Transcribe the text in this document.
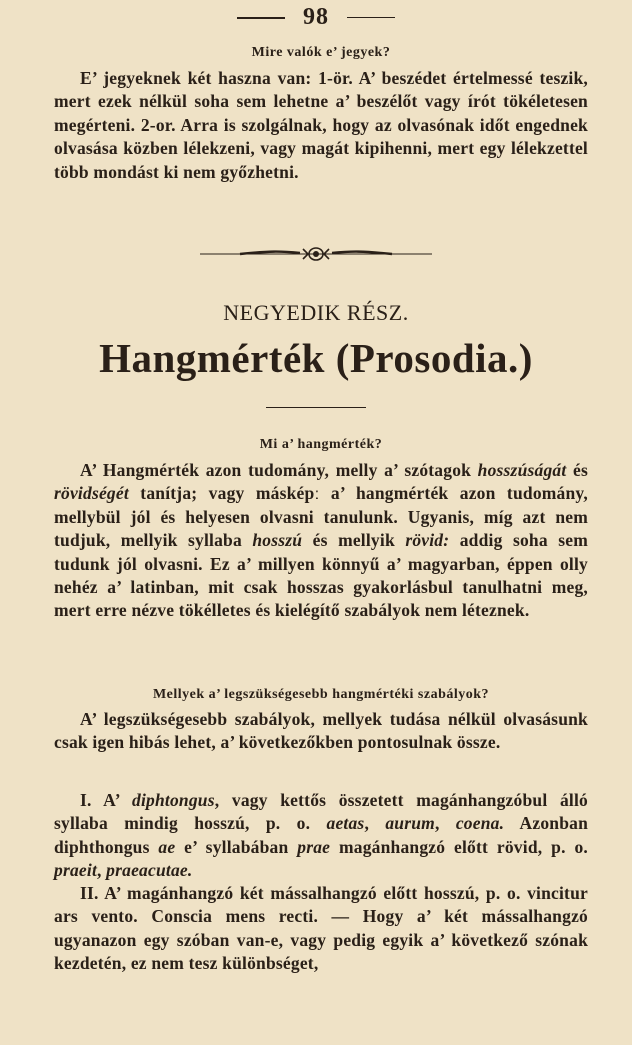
98
Mire valók e’ jegyek?

E’ jegyeknek két haszna van: 1-ör. A’ beszédet értelmessé teszik, mert ezek nélkül soha sem lehetne a’ beszélőt vagy írót tökéletesen megérteni. 2-or. Arra is szolgálnak, hogy az olvasónak időt engednek olvasása közben lélekzeni, vagy magát kipihenni, mert egy lélekzettel több mondást ki nem győzhetni.

NEGYEDIK RÉSZ.
Hangmérték (Prosodia.)
Mi a’ hangmérték?

A’ Hangmérték azon tudomány, melly a’ szótagok hosszúságát és rövidségét tanítja; vagy másképː a’ hangmérték azon tudomány, mellybül jól és helyesen olvasni tanulunk. Ugyanis, míg azt nem tudjuk, mellyik syllaba hosszú és mellyik rövid: addig soha sem tudunk jól olvasni. Ez a’ millyen könnyű a’ magyarban, éppen olly nehéz a’ latinban, mit csak hosszas gyakorlásbul tanulhatni meg, mert erre nézve tökélletes és kielégítő szabályok nem léteznek.

Mellyek a’ legszükségesebb hangmértéki szabályok?

A’ legszükségesebb szabályok, mellyek tudása nélkül olvasásunk csak igen hibás lehet, a’ következőkben pontosulnak össze.

I. A’ diphtongus, vagy kettős összetett magánhangzóbul álló syllaba mindig hosszú, p. o. aetas, aurum, coena. Azonban diphthongus ae e’ syllabában prae magánhangzó előtt rövid, p. o. praeit, praeacutae.

II. A’ magánhangzó két mássalhangzó előtt hosszú, p. o. vincitur ars vento. Conscia mens recti. — Hogy a’ két mássalhangzó ugyanazon egy szóban van-e, vagy pedig egyik a’ következő szónak kezdetén, ez nem tesz különbséget,
